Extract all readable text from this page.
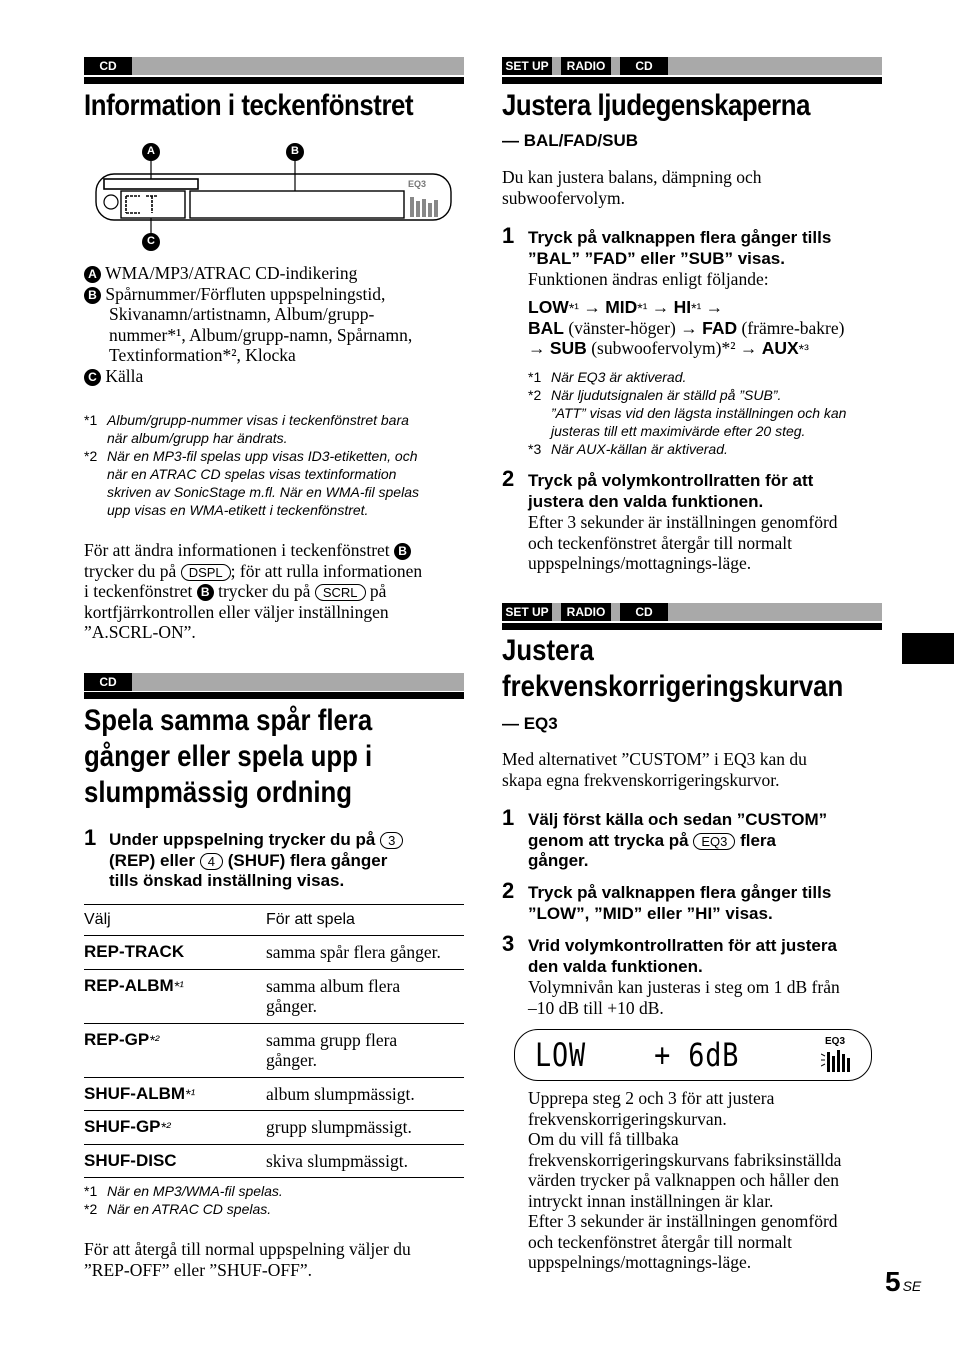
CD
Information i teckenfönstret
EQ3
A	B
C
A WMA/MP3/ATRAC CD-indikering
B Spårnummer/Förfluten uppspelningstid,
Skivanamn/artistnamn, Album/grupp-
nummer*¹, Album/grupp-namn, Spårnamn,
Textinformation*², Klocka
C Källa
*1 Album/grupp-nummer visas i teckenfönstret bara
när album/grupp har ändrats.
*2 När en MP3-fil spelas upp visas ID3-etiketten, och
när en ATRAC CD spelas visas textinformation
skriven av SonicStage m.fl. När en WMA-fil spelas
upp visas en WMA-etikett i teckenfönstret.
För att ändra informationen i teckenfönstret B
trycker du på DSPL ; för att rulla informationen
i teckenfönstret B trycker du på SCRL på
kortfjärrkontrollen eller väljer inställningen
”A.SCRL-ON”.
CD
Spela samma spår flera
gånger eller spela upp i
slumpmässig ordning
1 Under uppspelning trycker du på 3
(REP) eller 4 (SHUF) flera gånger
tills önskad inställning visas.
Välj	För att spela
REP-TRACK	samma spår flera gånger.

REP-ALBM*¹	samma album flera
gånger.

REP-GP*²	samma grupp flera
gånger.

SHUF-ALBM*¹	album slumpmässigt.

SHUF-GP*²	grupp slumpmässigt.

SHUF-DISC	skiva slumpmässigt.
*1 När en MP3/WMA-fil spelas.
*2 När en ATRAC CD spelas.
För att återgå till normal uppspelning väljer du
”REP-OFF” eller ”SHUF-OFF”.
SET UP RADIO	CD
Justera ljudegenskaperna
— BAL/FAD/SUB
Du kan justera balans, dämpning och
subwoofervolym.
1 Tryck på valknappen flera gånger tills
”BAL” ”FAD” eller ”SUB” visas.
Funktionen ändras enligt följande:
LOW*¹ → MID*¹ → HI*¹ →
BAL (vänster-höger) → FAD (främre-bakre)
→ SUB (subwoofervolym)*² → AUX*³
*1 När EQ3 är aktiverad.
*2 När ljudutsignalen är ställd på ”SUB”.
”ATT” visas vid den lägsta inställningen och kan
justeras till ett maximivärde efter 20 steg.
*3 När AUX-källan är aktiverad.
2 Tryck på volymkontrollratten för att
justera den valda funktionen.
Efter 3 sekunder är inställningen genomförd
och teckenfönstret återgår till normalt
uppspelnings/mottagnings-läge.
SET UP RADIO	CD
Justera
frekvenskorrigeringskurvan
— EQ3
Med alternativet ”CUSTOM” i EQ3 kan du
skapa egna frekvenskorrigeringskurvor.
1 Välj först källa och sedan ”CUSTOM”
genom att trycka på EQ3 flera
gånger.
2 Tryck på valknappen flera gånger tills
”LOW”, ”MID” eller ”HI” visas.
3 Vrid volymkontrollratten för att justera
den valda funktionen.
Volymnivån kan justeras i steg om 1 dB från
–10 dB till +10 dB.
LOW    + 6dB	EQ3
Upprepa steg 2 och 3 för att justera
frekvenskorrigeringskurvan.
Om du vill få tillbaka
frekvenskorrigeringskurvans fabriksinställda
värden trycker på valknappen och håller den
intryckt innan inställningen är klar.
Efter 3 sekunder är inställningen genomförd
och teckenfönstret återgår till normalt
uppspelnings/mottagnings-läge.
5 SE
